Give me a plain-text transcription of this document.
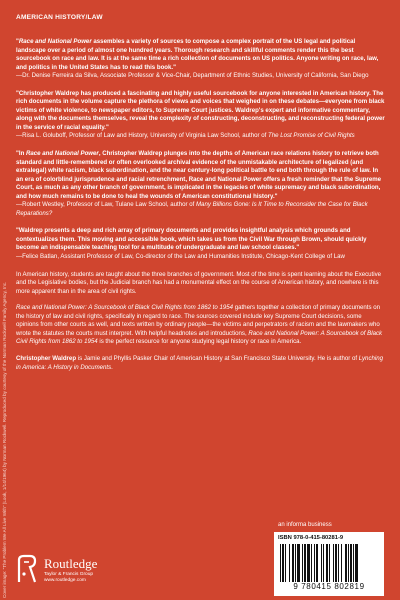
Cover image: "The Problem We All Live With" (Look, 1/14/1964) by Norman Rockwell. Reproduced by courtesy of the Norman Rockwell Family Agency, Inc.
AMERICAN HISTORY/LAW

"Race and National Power assembles a variety of sources to compose a complex portrait of the US legal and political landscape over a period of almost one hundred years. Thorough research and skillful comments render this the best sourcebook on race and law. It is at the same time a rich collection of documents on US politics. Anyone writing on race, law, and politics in the United States has to read this book."

—Dr. Denise Ferreira da Silva, Associate Professor & Vice-Chair, Department of Ethnic Studies, University of California, San Diego

"Christopher Waldrep has produced a fascinating and highly useful sourcebook for anyone interested in American history. The rich documents in the volume capture the plethora of views and voices that weighed in on these debates—everyone from black victims of white violence, to newspaper editors, to Supreme Court justices. Waldrep's expert and informative commentary, along with the documents themselves, reveal the complexity of constructing, deconstructing, and reconstructing federal power in the service of racial equality."

—Risa L. Goluboff, Professor of Law and History, University of Virginia Law School, author of The Lost Promise of Civil Rights

"In Race and National Power, Christopher Waldrep plunges into the depths of American race relations history to retrieve both standard and little-remembered or often overlooked archival evidence of the unmistakable architecture of legalized (and extralegal) white racism, black subordination, and the near century-long political battle to end both through the rule of law. In an era of colorblind jurisprudence and racial retrenchment, Race and National Power offers a fresh reminder that the Supreme Court, as much as any other branch of government, is implicated in the legacies of white supremacy and black subordination, and how much remains to be done to heal the wounds of American constitutional history."

—Robert Westley, Professor of Law, Tulane Law School, author of Many Billions Gone: Is It Time to Reconsider the Case for Black Reparations?

"Waldrep presents a deep and rich array of primary documents and provides insightful analysis which grounds and contextualizes them. This moving and accessible book, which takes us from the Civil War through Brown, should quickly become an indispensable teaching tool for a multitude of undergraduate and law school classes."

—Felice Batlan, Assistant Professor of Law, Co-director of the Law and Humanities Institute, Chicago-Kent College of Law

In American history, students are taught about the three branches of government. Most of the time is spent learning about the Executive and the Legislative bodies, but the Judicial branch has had a monumental effect on the course of American history, and nowhere is this more apparent than in the area of civil rights.

Race and National Power: A Sourcebook of Black Civil Rights from 1862 to 1954 gathers together a collection of primary documents on the history of law and civil rights, specifically in regard to race. The sources covered include key Supreme Court decisions, some opinions from other courts as well, and texts written by ordinary people—the victims and perpetrators of racism and the lawmakers who wrote the statutes the courts must interpret. With helpful headnotes and introductions, Race and National Power: A Sourcebook of Black Civil Rights from 1862 to 1954 is the perfect resource for anyone studying legal history or race in America.

Christopher Waldrep is Jamie and Phyllis Pasker Chair of American History at San Francisco State University. He is author of Lynching in America: A History in Documents.

Routledge
Taylor & Francis Group
www.routledge.com
an informa business
ISBN 978-0-415-80281-9
9 780415 802819
